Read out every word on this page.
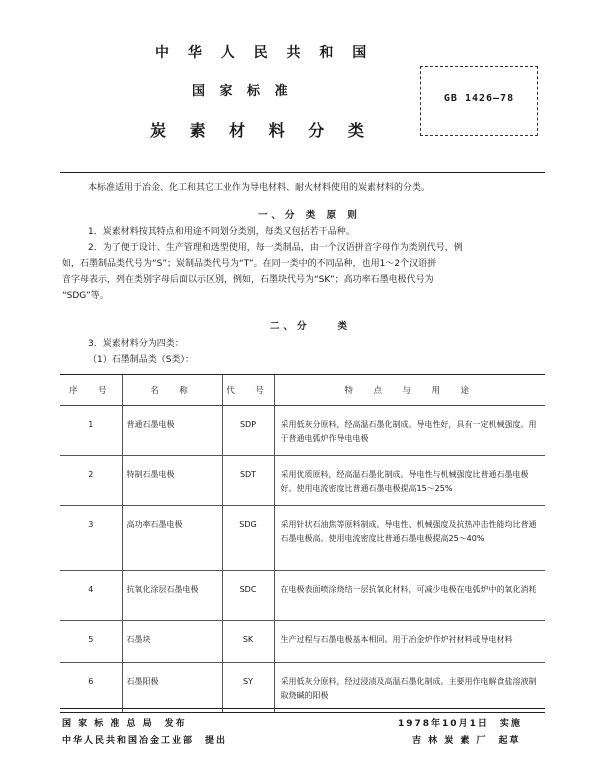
中 华 人 民 共 和 国
国 家 标 准
炭 素 材 料 分 类
GB 1426—78
本标准适用于冶金、化工和其它工业作为导电材料、耐火材料使用的炭素材料的分类。
一、分 类 原 则
1．炭素材料按其特点和用途不同划分类别，每类又包括若干品种。
2．为了便于设计、生产管理和选型使用，每一类制品，由一个汉语拼音字母作为类别代号，例
如，石墨制品类代号为“S”；炭制品类代号为“T”。在同一类中的不同品种，也用1～2个汉语拼
音字母表示，列在类别字母后面以示区别，例如，石墨块代号为“SK”；高功率石墨电极代号为
“SDG”等。
二、分　　类
3．炭素材料分为四类：
（1）石墨制品类（S类）：
序　号	名　称	代　号	特　点　与　用　途
1	普通石墨电极	SDP	采用低灰分原料，经高温石墨化制成。导电性好，具有一定机械强度。用于普通电弧炉作导电电极
2	特制石墨电极	SDT	采用优质原料，经高温石墨化制成。导电性与机械强度比普通石墨电极好。使用电流密度比普通石墨电极提高15～25%
3	高功率石墨电极	SDG	采用针状石油焦等原料制成。导电性、机械强度及抗热冲击性能均比普通石墨电极高。使用电流密度比普通石墨电极提高25～40%
4	抗氧化涂层石墨电极	SDC	在电极表面喷涂烧结一层抗氧化材料，可减少电极在电弧炉中的氧化消耗
5	石墨块	SK	生产过程与石墨电极基本相同。用于冶金炉作炉衬材料或导电材料
6	石墨阳极	SY	采用低灰分原料，经过浸渍及高温石墨化制成。主要用作电解食盐溶液制取烧碱的阳极
国 家 标 准 总 局　发布
中华人民共和国冶金工业部　提出
1978年10月1日　实施
吉 林 炭 素 厂　起草
